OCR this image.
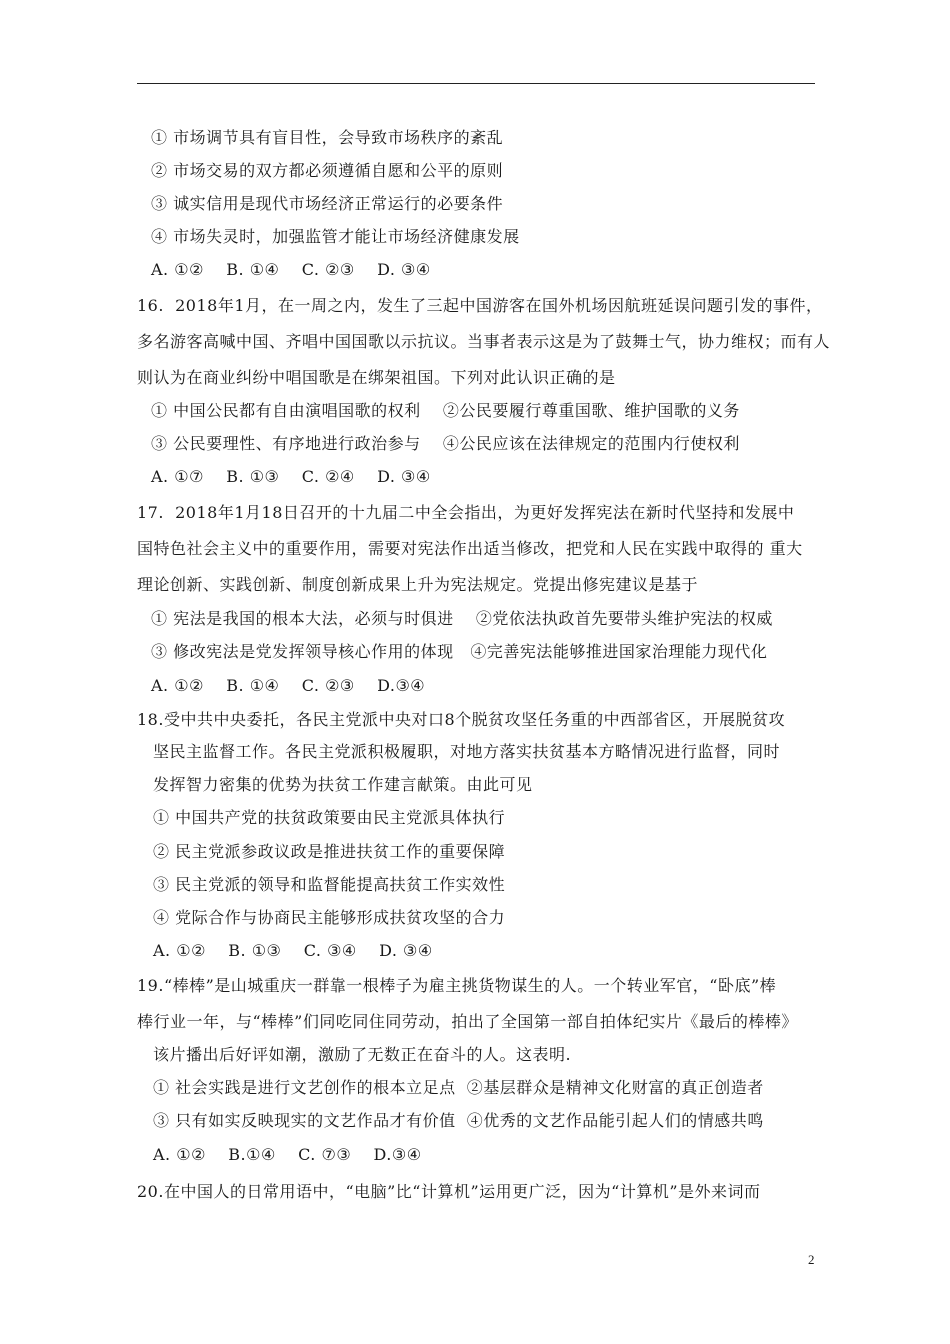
① 市场调节具有盲目性，会导致市场秩序的紊乱
② 市场交易的双方都必须遵循自愿和公平的原则
③ 诚实信用是现代市场经济正常运行的必要条件
④ 市场失灵时，加强监管才能让市场经济健康发展
A. ①②    B. ①④    C. ②③    D. ③④
16.  2018年1月，在一周之内，发生了三起中国游客在国外机场因航班延误问题引发的事件，
多名游客高喊中国、齐唱中国国歌以示抗议。当事者表示这是为了鼓舞士气，协力维权；而有人
则认为在商业纠纷中唱国歌是在绑架祖国。下列对此认识正确的是
① 中国公民都有自由演唱国歌的权利    ②公民要履行尊重国歌、维护国歌的义务
③ 公民要理性、有序地进行政治参与    ④公民应该在法律规定的范围内行使权利
A. ①⑦    B. ①③    C. ②④    D. ③④
17.  2018年1月18日召开的十九届二中全会指出，为更好发挥宪法在新时代坚持和发展中
国特色社会主义中的重要作用，需要对宪法作出适当修改，把党和人民在实践中取得的 重大
理论创新、实践创新、制度创新成果上升为宪法规定。党提出修宪建议是基于
① 宪法是我国的根本大法，必须与时俱进    ②党依法执政首先要带头维护宪法的权威
③ 修改宪法是党发挥领导核心作用的体现   ④完善宪法能够推进国家治理能力现代化
A. ①②    B. ①④    C. ②③    D.③④
18.受中共中央委托，各民主党派中央对口8个脱贫攻坚任务重的中西部省区，开展脱贫攻
坚民主监督工作。各民主党派积极履职，对地方落实扶贫基本方略情况进行监督，同时
发挥智力密集的优势为扶贫工作建言献策。由此可见
① 中国共产党的扶贫政策要由民主党派具体执行
② 民主党派参政议政是推进扶贫工作的重要保障
③ 民主党派的领导和监督能提高扶贫工作实效性
④ 党际合作与协商民主能够形成扶贫攻坚的合力
A. ①②    B. ①③    C. ③④    D. ③④
19.“棒棒”是山城重庆一群靠一根棒子为雇主挑货物谋生的人。一个转业军官，“卧底”棒
棒行业一年，与“棒棒”们同吃同住同劳动，拍出了全国第一部自拍体纪实片《最后的棒棒》
该片播出后好评如潮，激励了无数正在奋斗的人。这表明.
① 社会实践是进行文艺创作的根本立足点  ②基层群众是精神文化财富的真正创造者
③ 只有如实反映现实的文艺作品才有价值  ④优秀的文艺作品能引起人们的情感共鸣
A. ①②    B.①④    C. ⑦③    D.③④
20.在中国人的日常用语中，“电脑”比“计算机”运用更广泛，因为“计算机”是外来词而
2
